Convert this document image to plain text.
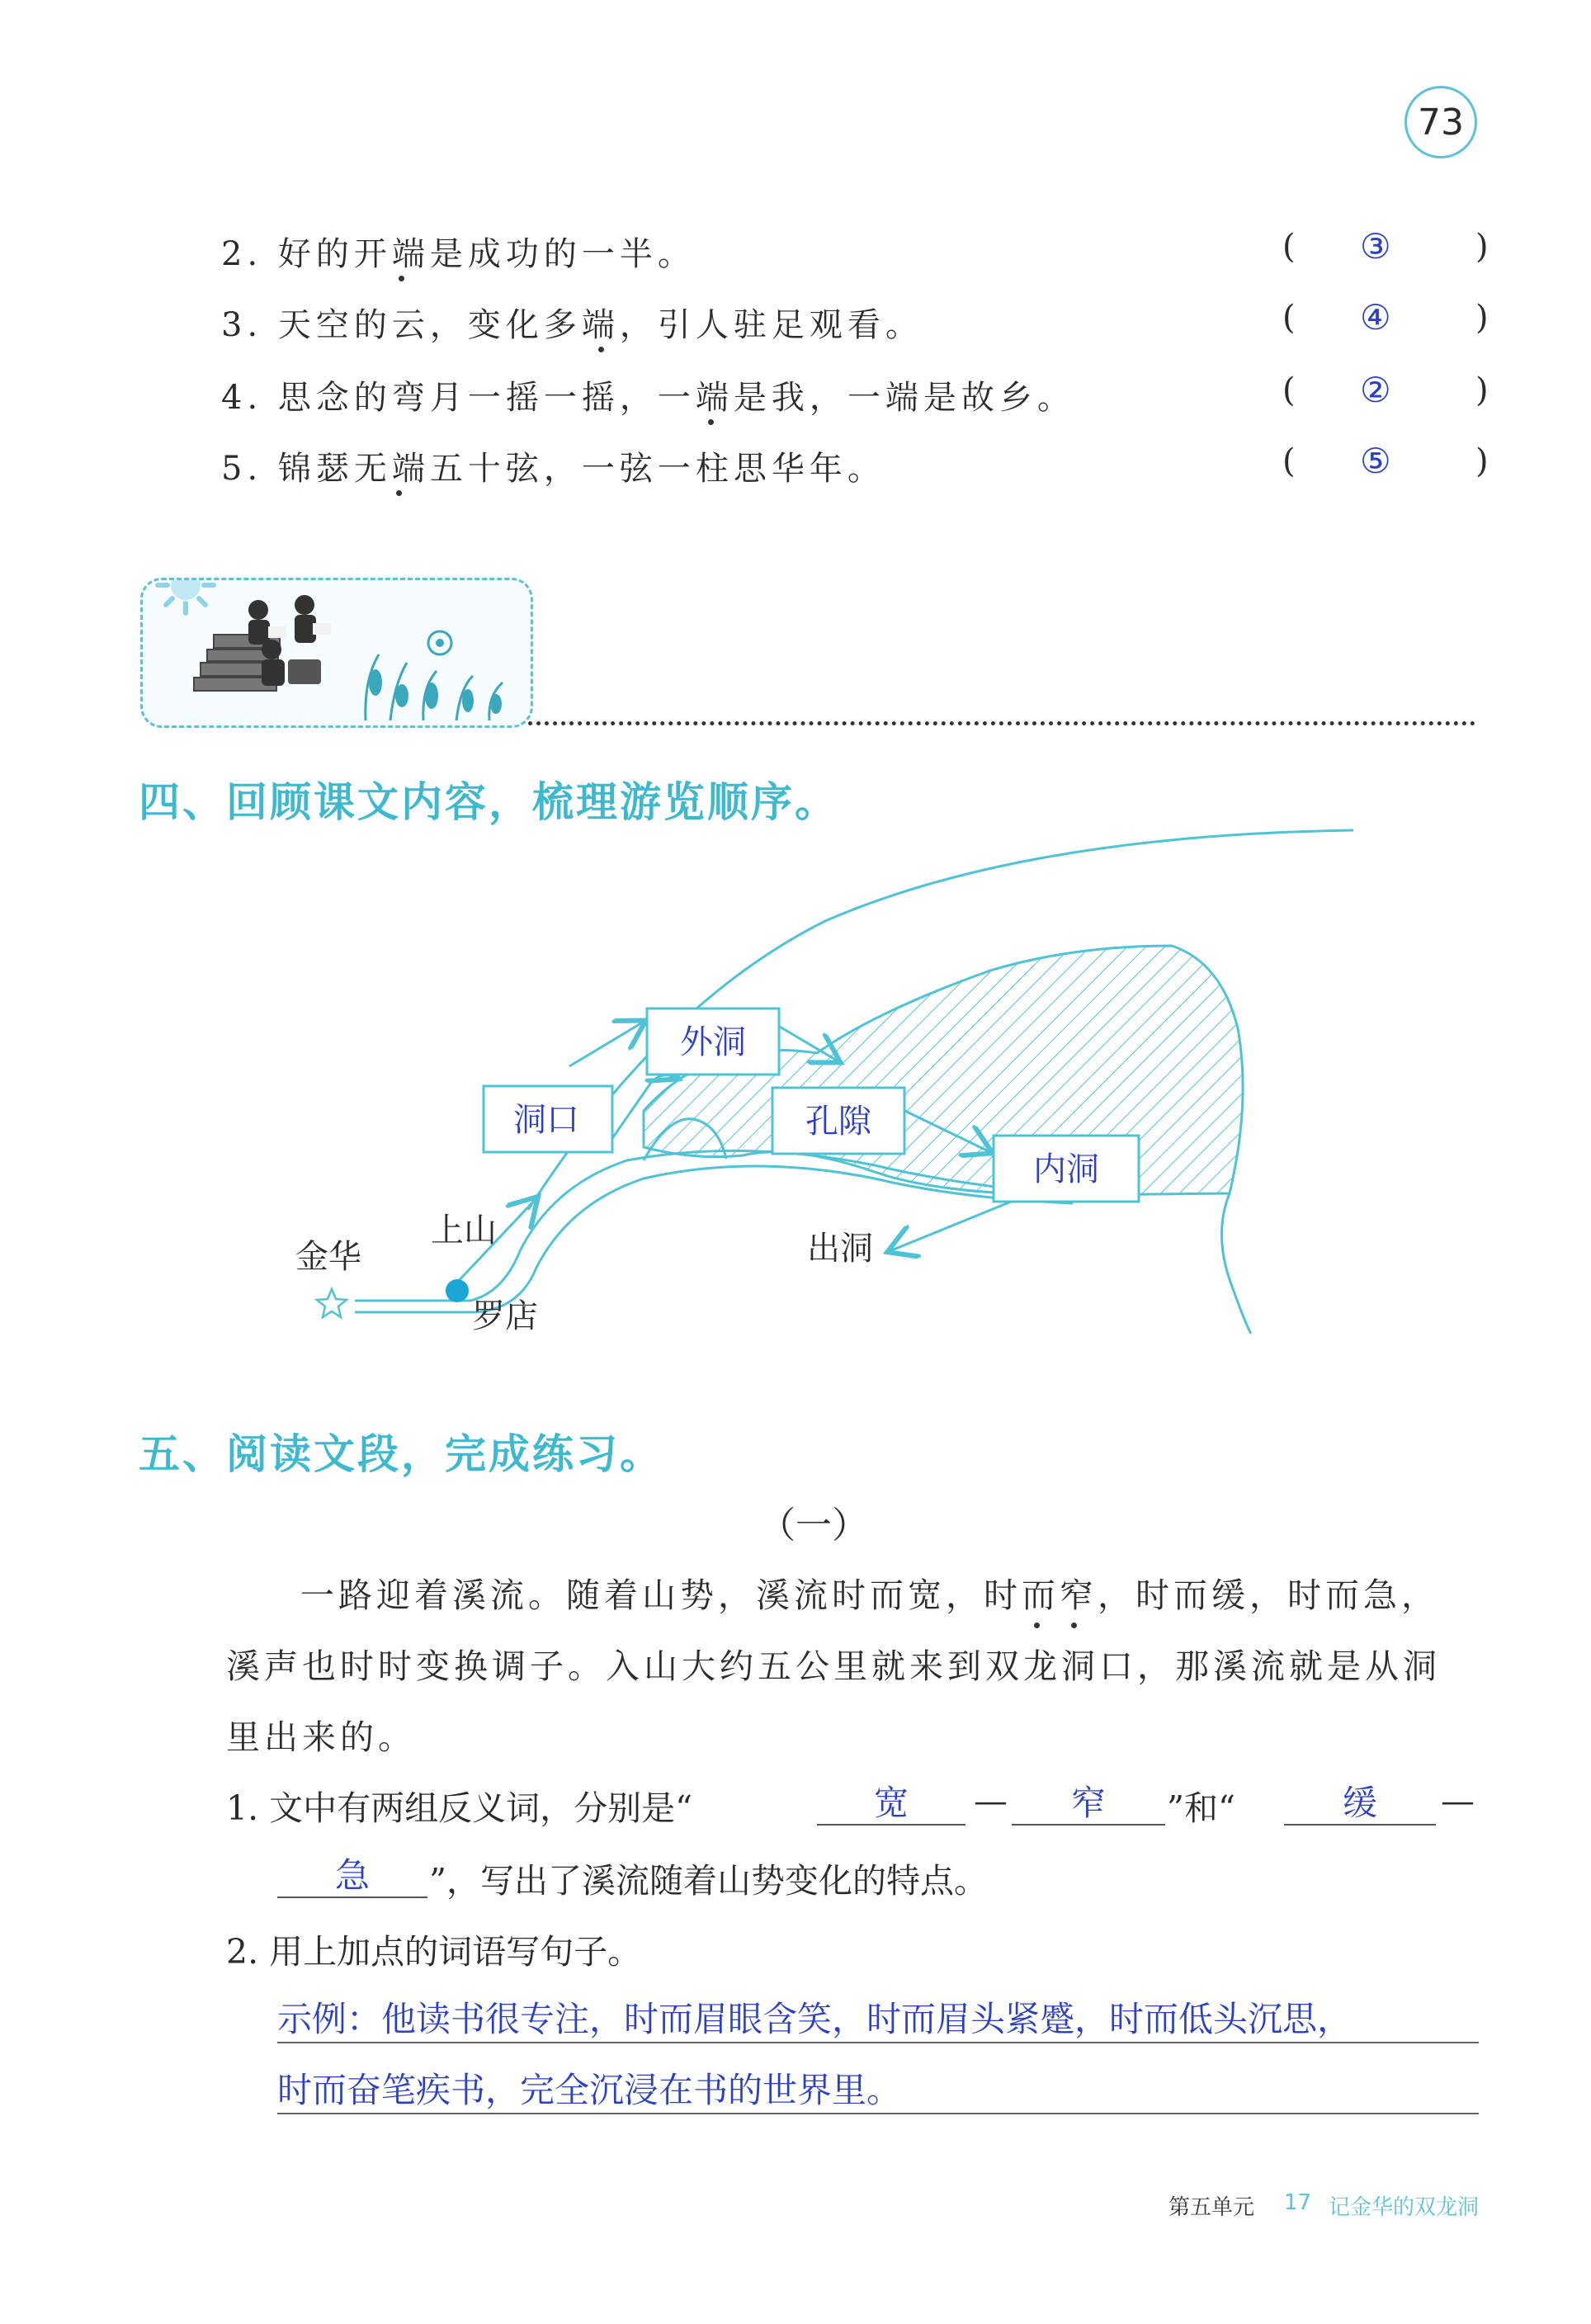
73
2. 好的开端是成功的一半。	( ③ )
3. 天空的云，变化多端，引人驻足观看。	( ④ )
4. 思念的弯月一摇一摇，一端是我，一端是故乡。	( ② )
5. 锦瑟无端五十弦，一弦一柱思华年。	( ⑤ )
四、回顾课文内容，梳理游览顺序。
金华
上山
罗店
洞口
外洞
孔隙
内洞
出洞
五、阅读文段，完成练习。
（一）
一路迎着溪流。随着山势，溪流时而宽，时而窄，时而缓，时而急，
溪声也时时变换调子。入山大约五公里就来到双龙洞口，那溪流就是从洞
里出来的。
1. 文中有两组反义词，分别是“	宽	—	窄	”和“	缓	—
急	”，写出了溪流随着山势变化的特点。
2. 用上加点的词语写句子。
示例：他读书很专注，时而眉眼含笑，时而眉头紧蹙，时而低头沉思，
时而奋笔疾书，完全沉浸在书的世界里。
第五单元 17 记金华的双龙洞
